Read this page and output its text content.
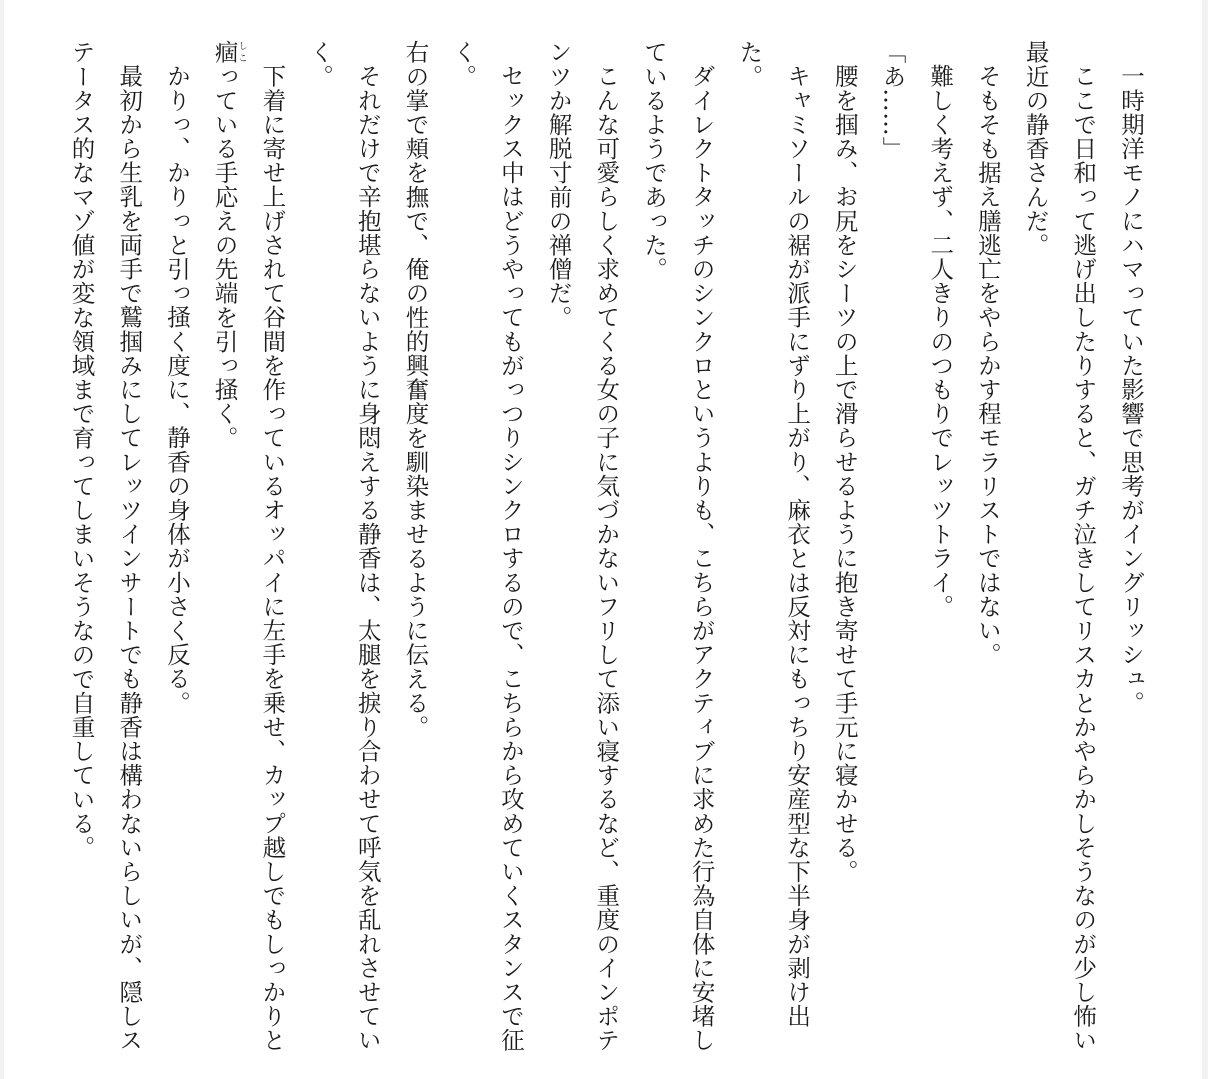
一時期洋モノにハマっていた影響で思考がイングリッシュ。

ここで日和って逃げ出したりすると、ガチ泣きしてリスカとかやらかしそうなのが少し怖い最近の静香さんだ。

そもそも据え膳逃亡をやらかす程モラリストではない。

難しく考えず、二人きりのつもりでレッツトライ。

「あ……」

腰を掴み、お尻をシーツの上で滑らせるように抱き寄せて手元に寝かせる。

キャミソールの裾が派手にずり上がり、麻衣とは反対にもっちり安産型な下半身が剥け出た。

ダイレクトタッチのシンクロというよりも、こちらがアクティブに求めた行為自体に安堵しているようであった。

こんな可愛らしく求めてくる女の子に気づかないフリして添い寝するなど、重度のインポテンツか解脱寸前の禅僧だ。

セックス中はどうやってもがっつりシンクロするので、こちらから攻めていくスタンスで征く。

右の掌で頬を撫で、俺の性的興奮度を馴染ませるように伝える。

それだけで辛抱堪らないように身悶えする静香は、太腿を捩り合わせて呼気を乱れさせていく。

下着に寄せ上げされて谷間を作っているオッパイに左手を乗せ、カップ越しでもしっかりと痼しこっている手応えの先端を引っ掻く。

かりっ、かりっと引っ掻く度に、静香の身体が小さく反る。

最初から生乳を両手で鷲掴みにしてレッツインサートでも静香は構わないらしいが、隠しステータス的なマゾ値が変な領域まで育ってしまいそうなので自重している。
